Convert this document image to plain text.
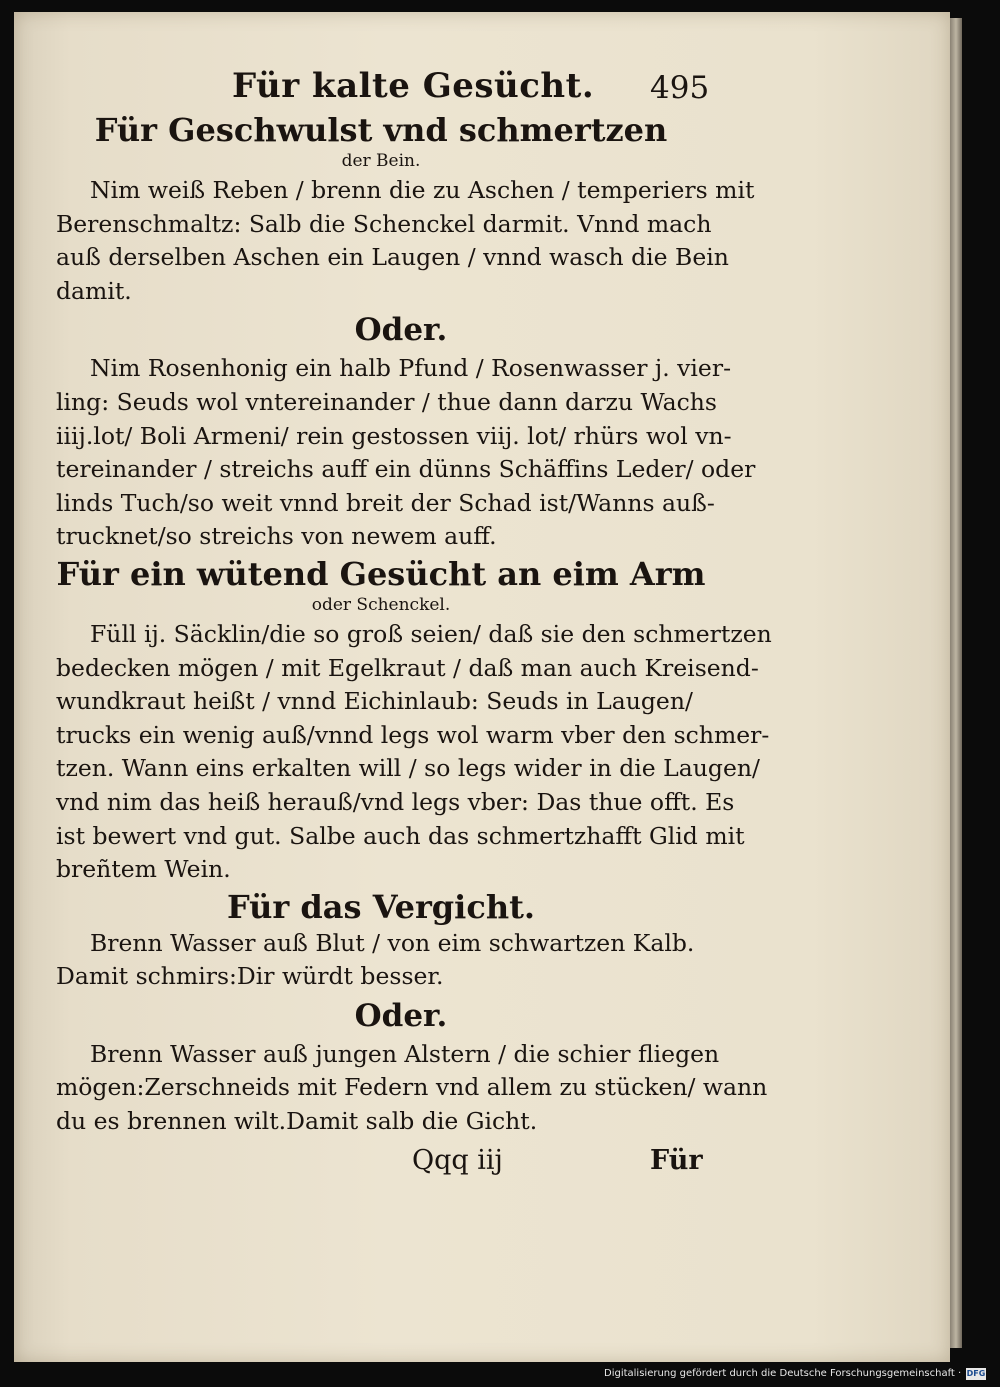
Für kalte Gesücht. 495
Für Geschwulst vnd schmertzen
der Bein.
Nim weiß Reben / brenn die zu Aschen / temperiers mit
Berenschmaltz: Salb die Schenckel darmit. Vnnd mach
auß derselben Aschen ein Laugen / vnnd wasch die Bein
damit.
Oder.
Nim Rosenhonig ein halb Pfund / Rosenwasser j. vier-
ling: Seuds wol vntereinander / thue dann darzu Wachs
iiij.lot/ Boli Armeni/ rein gestossen viij. lot/ rhürs wol vn-
tereinander / streichs auff ein dünns Schäffins Leder/ oder
linds Tuch/so weit vnnd breit der Schad ist/Wanns auß-
trucknet/so streichs von newem auff.
Für ein wütend Gesücht an eim Arm
oder Schenckel.
Füll ij. Säcklin/die so groß seien/ daß sie den schmertzen
bedecken mögen / mit Egelkraut / daß man auch Kreisend-
wundkraut heißt / vnnd Eichinlaub: Seuds in Laugen/
trucks ein wenig auß/vnnd legs wol warm vber den schmer-
tzen. Wann eins erkalten will / so legs wider in die Laugen/
vnd nim das heiß herauß/vnd legs vber: Das thue offt. Es
ist bewert vnd gut. Salbe auch das schmertzhafft Glid mit
breñtem Wein.
Für das Vergicht.
Brenn Wasser auß Blut / von eim schwartzen Kalb.
Damit schmirs:Dir würdt besser.
Oder.
Brenn Wasser auß jungen Alstern / die schier fliegen
mögen:Zerschneids mit Federn vnd allem zu stücken/ wann
du es brennen wilt.Damit salb die Gicht.
Qqq iij	Für
Digitalisierung gefördert durch die Deutsche Forschungsgemeinschaft · DFG
